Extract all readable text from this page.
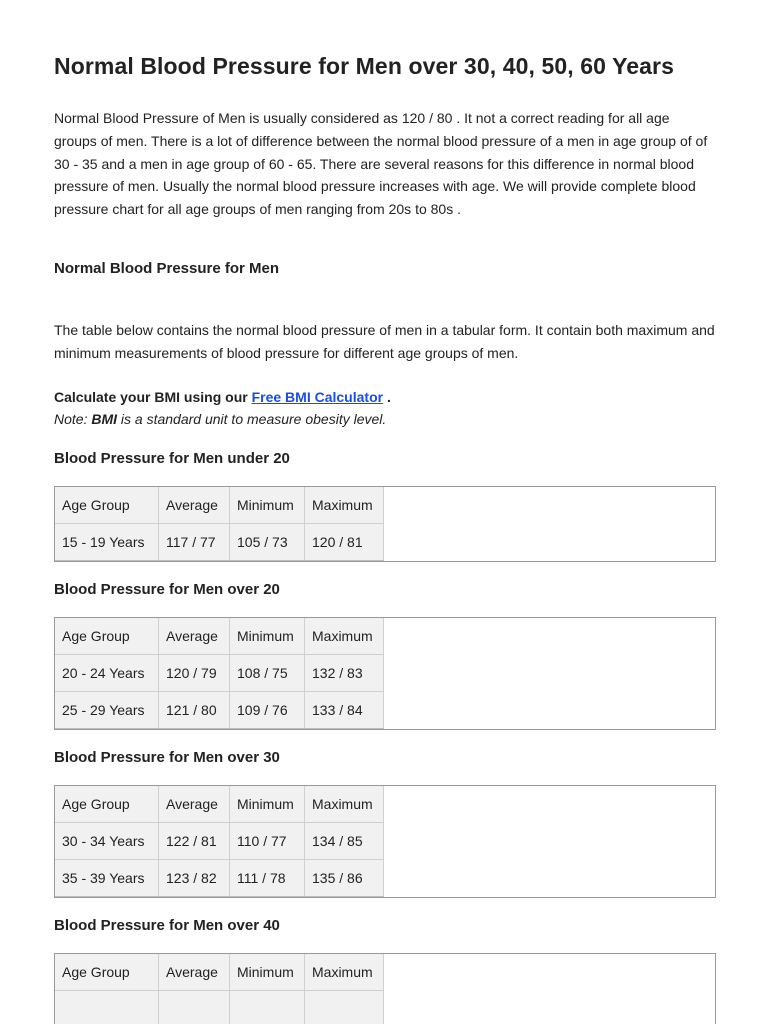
Normal Blood Pressure for Men over 30, 40, 50, 60 Years

Normal Blood Pressure of Men is usually considered as 120 / 80 . It not a correct reading for all age groups of men. There is a lot of difference between the normal blood pressure of a men in age group of of 30 - 35 and a men in age group of 60 - 65. There are several reasons for this difference in normal blood pressure of men. Usually the normal blood pressure increases with age. We will provide complete blood pressure chart for all age groups of men ranging from 20s to 80s .

Normal Blood Pressure for Men

The table below contains the normal blood pressure of men in a tabular form. It contain both maximum and minimum measurements of blood pressure for different age groups of men.

Calculate your BMI using our Free BMI Calculator .

Note: BMI is a standard unit to measure obesity level.

Blood Pressure for Men under 20
Age Group	Average	Minimum	Maximum
15 - 19 Years	117 / 77	105 / 73	120 / 81
Blood Pressure for Men over 20
Age Group	Average	Minimum	Maximum
20 - 24 Years	120 / 79	108 / 75	132 / 83
25 - 29 Years	121 / 80	109 / 76	133 / 84
Blood Pressure for Men over 30
Age Group	Average	Minimum	Maximum
30 - 34 Years	122 / 81	110 / 77	134 / 85
35 - 39 Years	123 / 82	111 / 78	135 / 86
Blood Pressure for Men over 40
Age Group	Average	Minimum	Maximum
